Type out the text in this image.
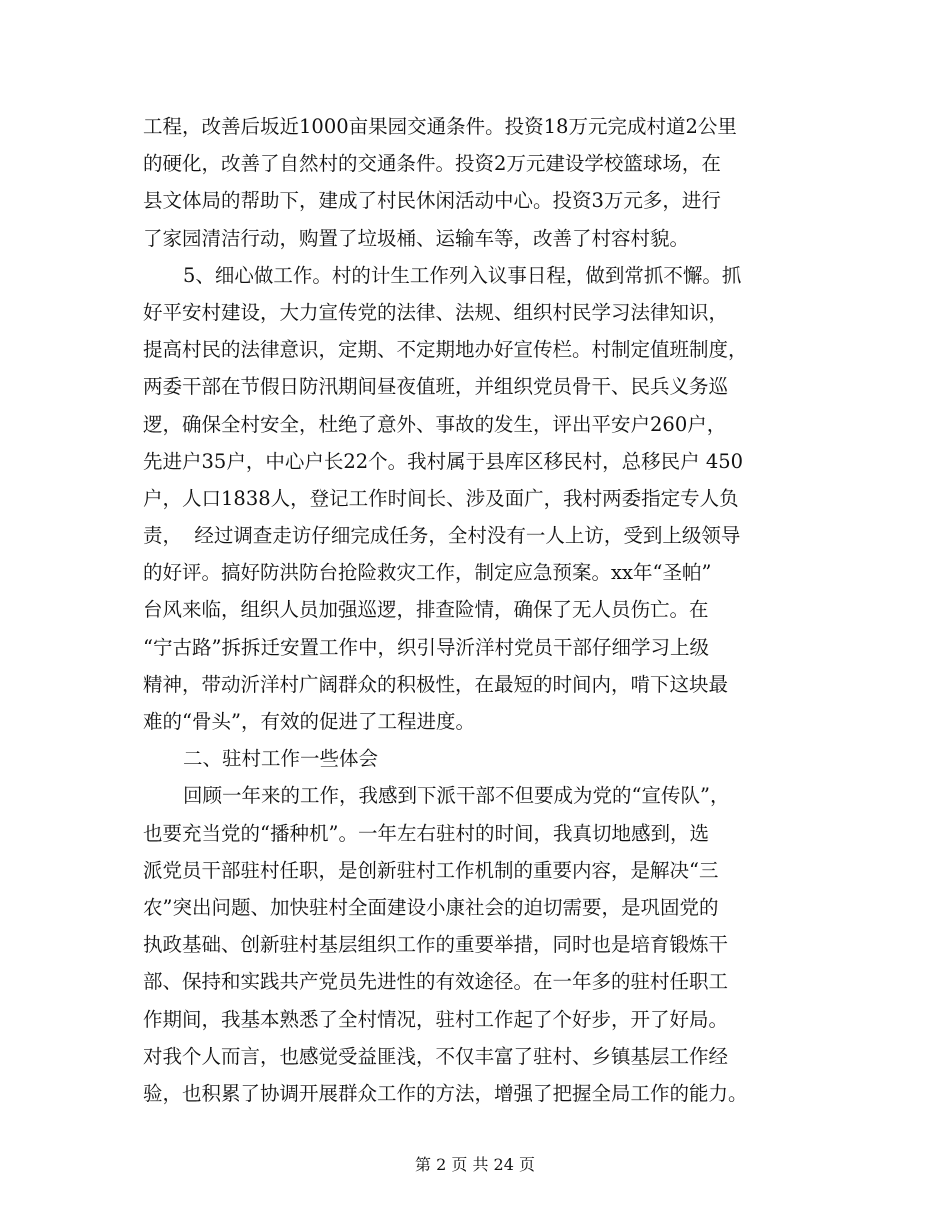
工程，改善后坂近1000亩果园交通条件。投资18万元完成村道2公里
的硬化，改善了自然村的交通条件。投资2万元建设学校篮球场，在
县文体局的帮助下，建成了村民休闲活动中心。投资3万元多，进行
了家园清洁行动，购置了垃圾桶、运输车等，改善了村容村貌。
5、细心做工作。村的计生工作列入议事日程，做到常抓不懈。抓
好平安村建设，大力宣传党的法律、法规、组织村民学习法律知识，
提高村民的法律意识，定期、不定期地办好宣传栏。村制定值班制度，
两委干部在节假日防汛期间昼夜值班，并组织党员骨干、民兵义务巡
逻，确保全村安全，杜绝了意外、事故的发生，评出平安户260户，
先进户35户，中心户长22个。我村属于县库区移民村，总移民户 450
户，人口1838人，登记工作时间长、涉及面广，我村两委指定专人负
责，  经过调查走访仔细完成任务，全村没有一人上访，受到上级领导
的好评。搞好防洪防台抢险救灾工作，制定应急预案。xx年“圣帕”
台风来临，组织人员加强巡逻，排查险情，确保了无人员伤亡。在
“宁古路”拆拆迁安置工作中，织引导沂洋村党员干部仔细学习上级
精神，带动沂洋村广阔群众的积极性，在最短的时间内，啃下这块最
难的“骨头”，有效的促进了工程进度。
二、驻村工作一些体会
回顾一年来的工作，我感到下派干部不但要成为党的“宣传队”，
也要充当党的“播种机”。一年左右驻村的时间，我真切地感到，选
派党员干部驻村任职，是创新驻村工作机制的重要内容，是解决“三
农”突出问题、加快驻村全面建设小康社会的迫切需要，是巩固党的
执政基础、创新驻村基层组织工作的重要举措，同时也是培育锻炼干
部、保持和实践共产党员先进性的有效途径。在一年多的驻村任职工
作期间，我基本熟悉了全村情况，驻村工作起了个好步，开了好局。
对我个人而言，也感觉受益匪浅，不仅丰富了驻村、乡镇基层工作经
验，也积累了协调开展群众工作的方法，增强了把握全局工作的能力。
第 2 页 共 24 页
